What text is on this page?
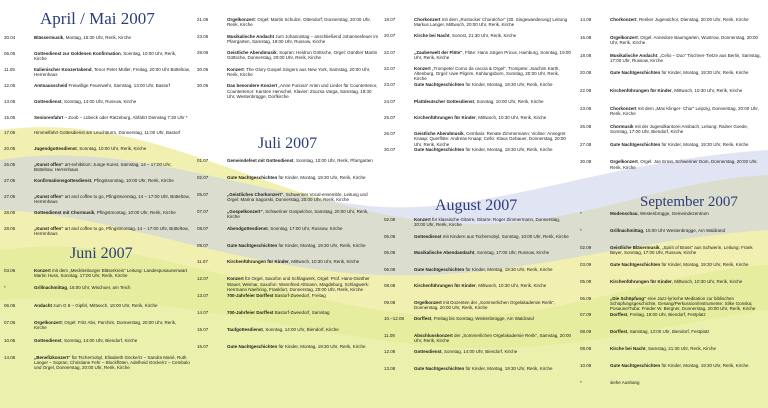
April / Mai 2007
Juni 2007
Juli 2007
August 2007	September 2007
30.04	Blässermusik, Montag, 16:30 Uhr, Rerik, Kirche
06.05	Gottesdienst zur Goldenen Konfirmation, Sonntag, 10:00 Uhr, Rerik, Kirche
11.05	Italienischer Konzertabend, Tenor Peter Müller, Freitag, 20:00 Uhr Bütteltow, Herrenhaus
12.05	Amtsausscheid Freiwillige Feuerwehr, Samstag, 13:00 Uhr, Bastorf
13.05	Gottesdienst, Sonntag, 14:00 Uhr, Russow, Kirche
15.05	Seniorenfahrt – Zoob – Lübeck oder Ratzeburg, Abfahrt Dienstag 7:30 Uhr *
17.05	Himmelfahrt Gottesdienst am Leuchtturm, Donnerstag, 11:00 Uhr, Bastorf
20.05	Jugendgottesdienst, Sonntag, 10:00 Uhr, Rerik, Kirche
26.05	„Kunst offen“ art-exhibition: Junge Kunst, Samstag, 14 – 17:00 Uhr, Bütteltow, Herrenhaus
27.05	Konfirmationsgottesdienst, Pfingstsonntag, 10:00 Uhr, Rerik, Kirche
27.05	„Kunst offen“ art and coffee to go, Pfingstsonntag, 14 – 17:00 Uhr, Bütteltow, Herrenhaus
28.05	Gottesdienst mit Chormusik, Pfingstmontag, 10:00 Uhr, Rerik, Kirche
28.05	„Kunst offen“ art and coffee to go, Pfingstmontag, 14 – 17:00 Uhr, Bütteltow, Herrenhaus
03.06	Konzert mit dem „Mecklenburger Bläserkreis“ Leitung: Landesposaunenwart Martin Huss, Sonntag, 17:00 Uhr, Rerik, Kirche
*	Grillnachmittag, 16:00 Uhr, Wischuer, am Teich
06.06	Andacht zum G 8 – Gipfel, Mittwoch, 18:00 Uhr, Rerik, Kirche
07.06	Orgelkonzert; Orgel: Fritz Abs, Parchim, Donnerstag, 20:00 Uhr, Rerik, Kirche
10.06	Gottesdienst, Sonntag, 14:00 Uhr, Biendorf, Kirche
14.06	„Benefizkonzert“ für Tschernobyl, Elisabeth Göcke/rz – Sandra Marié, Ruth Langer – Sopran, Christiane Fehr – Blockflöten, Adelheid Göcke/rz – Cembalo und Orgel, Donnerstag, 20:00 Uhr, Rerik, Kirche
21.06	Orgelkonzert: Orgel: Martin Schulze, Ottendorf; Donnerstag, 20:00 Uhr, Rerik, Kirche
23.06	Musikalische Andacht zum Johannistag – anschließend Johannesfeuer im Pfarrgarten, Samstag, 19:00 Uhr, Russow, Kirche
28.06	Geistliche Abendmusik; Sopran: Heidrun Göttsche, Orgel: Günther Martin Göttsche, Donnerstag, 20:00 Uhr, Rerik, Kirche
30.06	Konzert: The Glory Gospel Singers aus New York, Samstag, 20:00 Uhr, Rerik, Kirche
30.06	Das besondere Konzert „Anne Furiosa“ Arien und Lieder für Countertenor, Countertenor: Karsten Henschel, Klavier: Zsuzsa Varga, Samstag, 19:30 Uhr, Westenbrügge, Dorfkirche
01.07	Gemeindefest mit Gottesdienst, Sonntag, 10:00 Uhr, Rerik, Pfarrgarten
02.07	Gute Nachtgeschichten für Kinder, Montag, 19:30 Uhr, Rerik, Kirche
05.07	„Geistliches Chorkonzert“, Schweriner Vocal-ensemble, Leitung und Orgel: Marina Sagorski, Donnerstag, 20:00 Uhr, Rerik, Kirche
07.07	„Gospelkonzert“, Schweriner Gospelchor, Samstag, 20:00 Uhr, Rerik, Kirche
08.07	Abendgottesdienst, Sonntag, 17:00 Uhr, Russow, Kirche
09.07	Gute Nachtgeschichten für Kinder, Montag, 19:30 Uhr, Rerik, Kirche
11.07	Kirchenführungen für Kinder, Mittwoch, 10:30 Uhr, Rerik, Kirche
12.07	Konzert für Orgel, Saxofon und Schlagwerk, Orgel: Prof. Hans-Günther Wauer, Weimar, Saxofon: Wannfried Altmann, Magdeburg, Schlagwerk: Herrmann Naehring, Frankfurt, Donnerstag, 20:00 Uhr, Rerik, Kirche
13.07	700-Jahrfeier Dorffest Bastorf-Zweedorf, Freitag
14.07	700-Jahrfeier Dorffest Bastorf-Zweedorf, Samstag
15.07	Taufgottesdienst, Sonntag, 14:00 Uhr, Biendorf, Kirche
16.07	Gute Nachtgeschichten für Kinder, Montag, 19:30 Uhr, Rerik, Kirche
18.07	Chorkonzert mit dem „Rostocker Choralchor“ (30. Singewanderung) Leitung Markus Langer, Mittwoch, 20:00 Uhr, Rerik, Kirche
20.07	Kirche bei Nacht, Sonnst, 21:30 Uhr, Rerik, Kirche
22.07	„Zauberwelt der Flöte“, Flöte: Hans Jürgen Pricus, Hamburg, Sonntag, 19:00 Uhr, Rerik, Kirche
22.07	Konzert „Trompete/ Corno da caccia & Orgel“, Trompete: Joachim Karth, Altenburg, Orgel: Uwe Pilgrim, Kühlungsborn, Sonntag, 20:00 Uhr, Rerik, Kirche
23.07	Gute Nachtgeschichten für Kinder, Montag, 19:30 Uhr, Rerik, Kirche
24.07	Plattdeutscher Gottesdienst, Sonntag, 10:00 Uhr, Rerik, Kirche
25.07	Kirchenführungen für Kinder, Mittwoch, 10:30 Uhr, Rerik, Kirche
26.07	Geistliche Abendmusik, Cembalo: Renate Zimmermann; Violine: Annegret Knaap; Querflöte: Andreas Knaap; Cello: Klaus Gebauer, Donnerstag, 20:00 Uhr, Rerik, Kirche
30.07	Gute Nachtgeschichten für Kinder, Montag, 19:30 Uhr, Rerik, Kirche
02.08	Konzert für klassische Gitarre, Gitarre: Roger Zimmermann, Donnerstag, 20:00 Uhr, Rerik, Kirche
05.08	Gottesdienst mit Kindern aus Tschernobyl, Sonntag, 10:00 Uhr, Rerik, Kirche
05.08	Musikalische Abendandacht, Sonntag, 17:00 Uhr, Russow, Kirche
06.08	Gute Nachtgeschichten für Kinder, Montag, 19:30 Uhr, Rerik, Kirche
08.08	Kirchenführungen für Kinder, Mittwoch, 10:30 Uhr, Rerik, Kirche
09.08	Orgelkonzert mit Dozenten der „Sommerlichen Orgelakademie Rerik“, Donnerstag, 20:00 Uhr, Rerik, Kirche
10.–12.08	Dorffest, Freitag bis Sonntag, Westenbrügge, Am Waldrand
11.08	Abschlusskonzert der „Sommerlichen Orgelakademie Rerik“, Samstag, 20:00 Uhr, Rerik, Kirche
12.08	Gottesdienst, Sonntag, 14:00 Uhr, Biendorf, Kirche
13.08	Gute Nachtgeschichten für Kinder, Montag, 19:30 Uhr, Rerik, Kirche
14.08	Chorkonzert, Reriker Jugendchor, Dienstag, 20:00 Uhr, Rerik, Kirche
16.08	Orgelkonzert; Orgel: Annedore Baumgarten, Wustrow, Donnerstag, 20:00 Uhr, Rerik, Kirche
18.08	Musikalische Andacht, „Celio – Duo“ Tischner-Tietze aus Berlin, Samstag, 17:00 Uhr, Russow, Kirche
20.08	Gute Nachtgeschichten für Kinder, Montag, 19:30 Uhr, Rerik, Kirche
22.08	Kirchenführungen für Kinder, Mittwoch, 10:30 Uhr, Rerik, Kirche
23.08	Chorkonzert mit dem „Max Klinger- Chor“ Leipzig, Donnerstag, 20:00 Uhr, Rerik, Kirche
26.08	Chormusik mit der Jugendkantorei Ansbach, Leitung: Rainer Goede, Sonntag, 17:00 Uhr, Biendorf, Kirche
27.08	Gute Nachtgeschichten für Kinder, Montag, 19:30 Uhr, Rerik, Kirche
30.08	Orgelkonzert, Orgel: Jan Ernst, Schweriner Dom, Donnerstag, 20:00 Uhr, Rerik, Kirche
*	Modenschau, Westenbrügge, Gemeindezentrum
*	Grillnachmittag, 15:00 Uhr Westenbrügge, Am Waldrand
02.09	Geistliche Bläsermusik, „Spirit of Brass“ aus Schwerin, Leitung: Frank Beyer, Sonntag, 17:00 Uhr, Russow, Kirche
03.09	Gute Nachtgeschichten für Kinder, Montag, 19:30 Uhr, Rerik, Kirche
05.09	Kirchenführungen für Kinder, Mittwoch, 10:30 Uhr, Rerik, Kirche
06.09	„Die Schöpfung“ eine Jazz-lyrische Meditation zur biblischen Schöpfungsgeschichte, Gesang/Perkussion/Instrumente: Silke Gonska; Posaune/Tuba: Frieder W. Bergner, Donnerstag, 20:00 Uhr, Rerik, Kirche
07.09	Dorffest, Freitag, 19:00 Uhr, Biendorf, Festplatz
08.09	Dorffest, Samstag, 13:00 Uhr, Biendorf, Festplatz
08.09	Kirche bei Nacht, Samstag, 21:30 Uhr, Rerik, Kirche
10.09	Gute Nachtgeschichten für Kinder, Montag, 19:30 Uhr, Rerik, Kirche
*	siehe Aushang
